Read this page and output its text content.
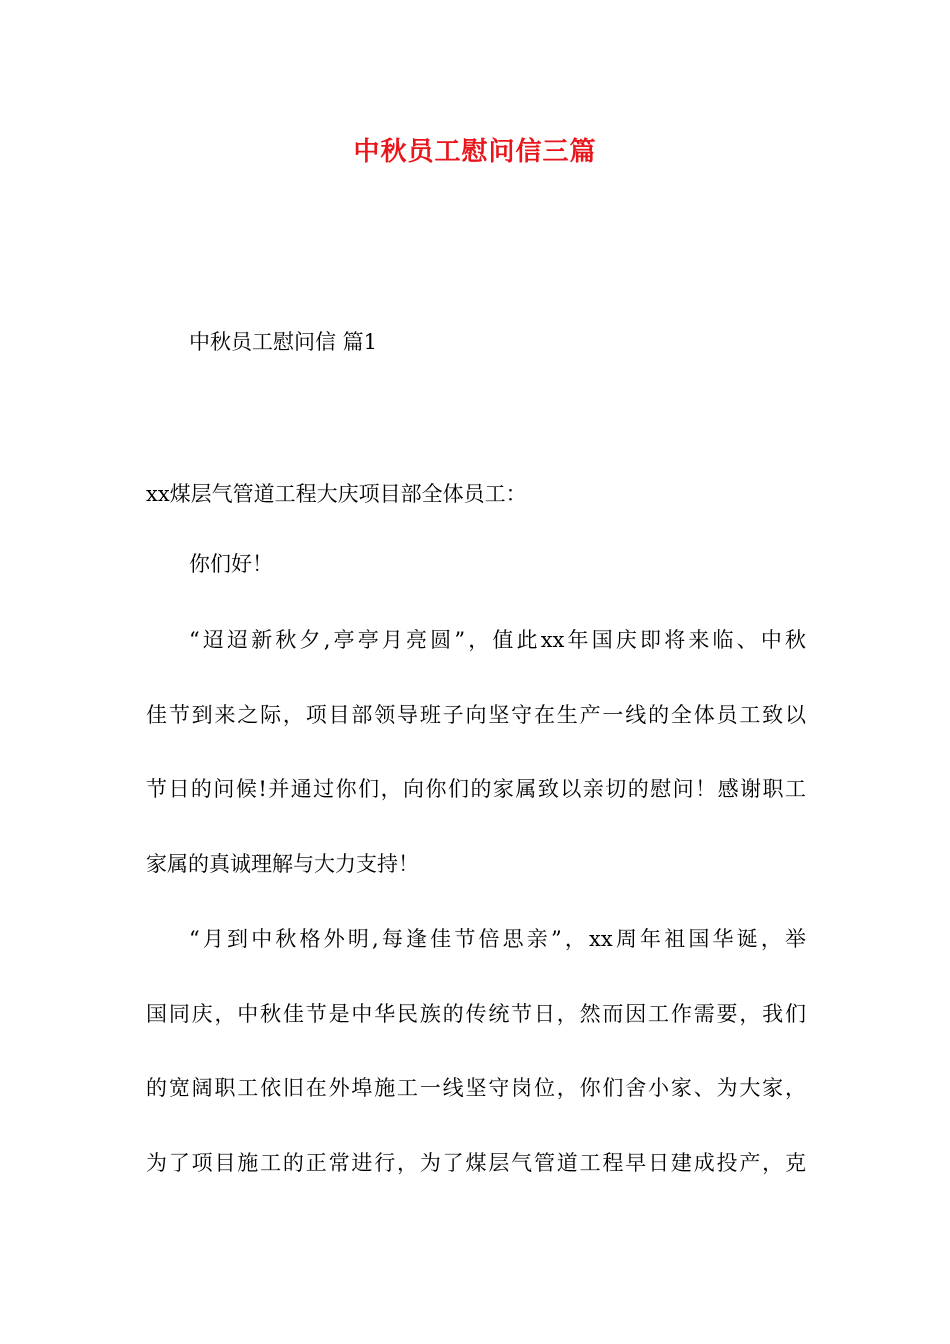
中秋员工慰问信三篇
中秋员工慰问信 篇1
xx煤层气管道工程大庆项目部全体员工：
你们好！
“迢迢新秋夕,亭亭月亮圆”，值此xx年国庆即将来临、中秋
佳节到来之际，项目部领导班子向坚守在生产一线的全体员工致以
节日的问候!并通过你们，向你们的家属致以亲切的慰问！感谢职工
家属的真诚理解与大力支持！
“月到中秋格外明,每逢佳节倍思亲”，xx周年祖国华诞，举
国同庆，中秋佳节是中华民族的传统节日，然而因工作需要，我们
的宽阔职工依旧在外埠施工一线坚守岗位，你们舍小家、为大家，
为了项目施工的正常进行，为了煤层气管道工程早日建成投产，克
